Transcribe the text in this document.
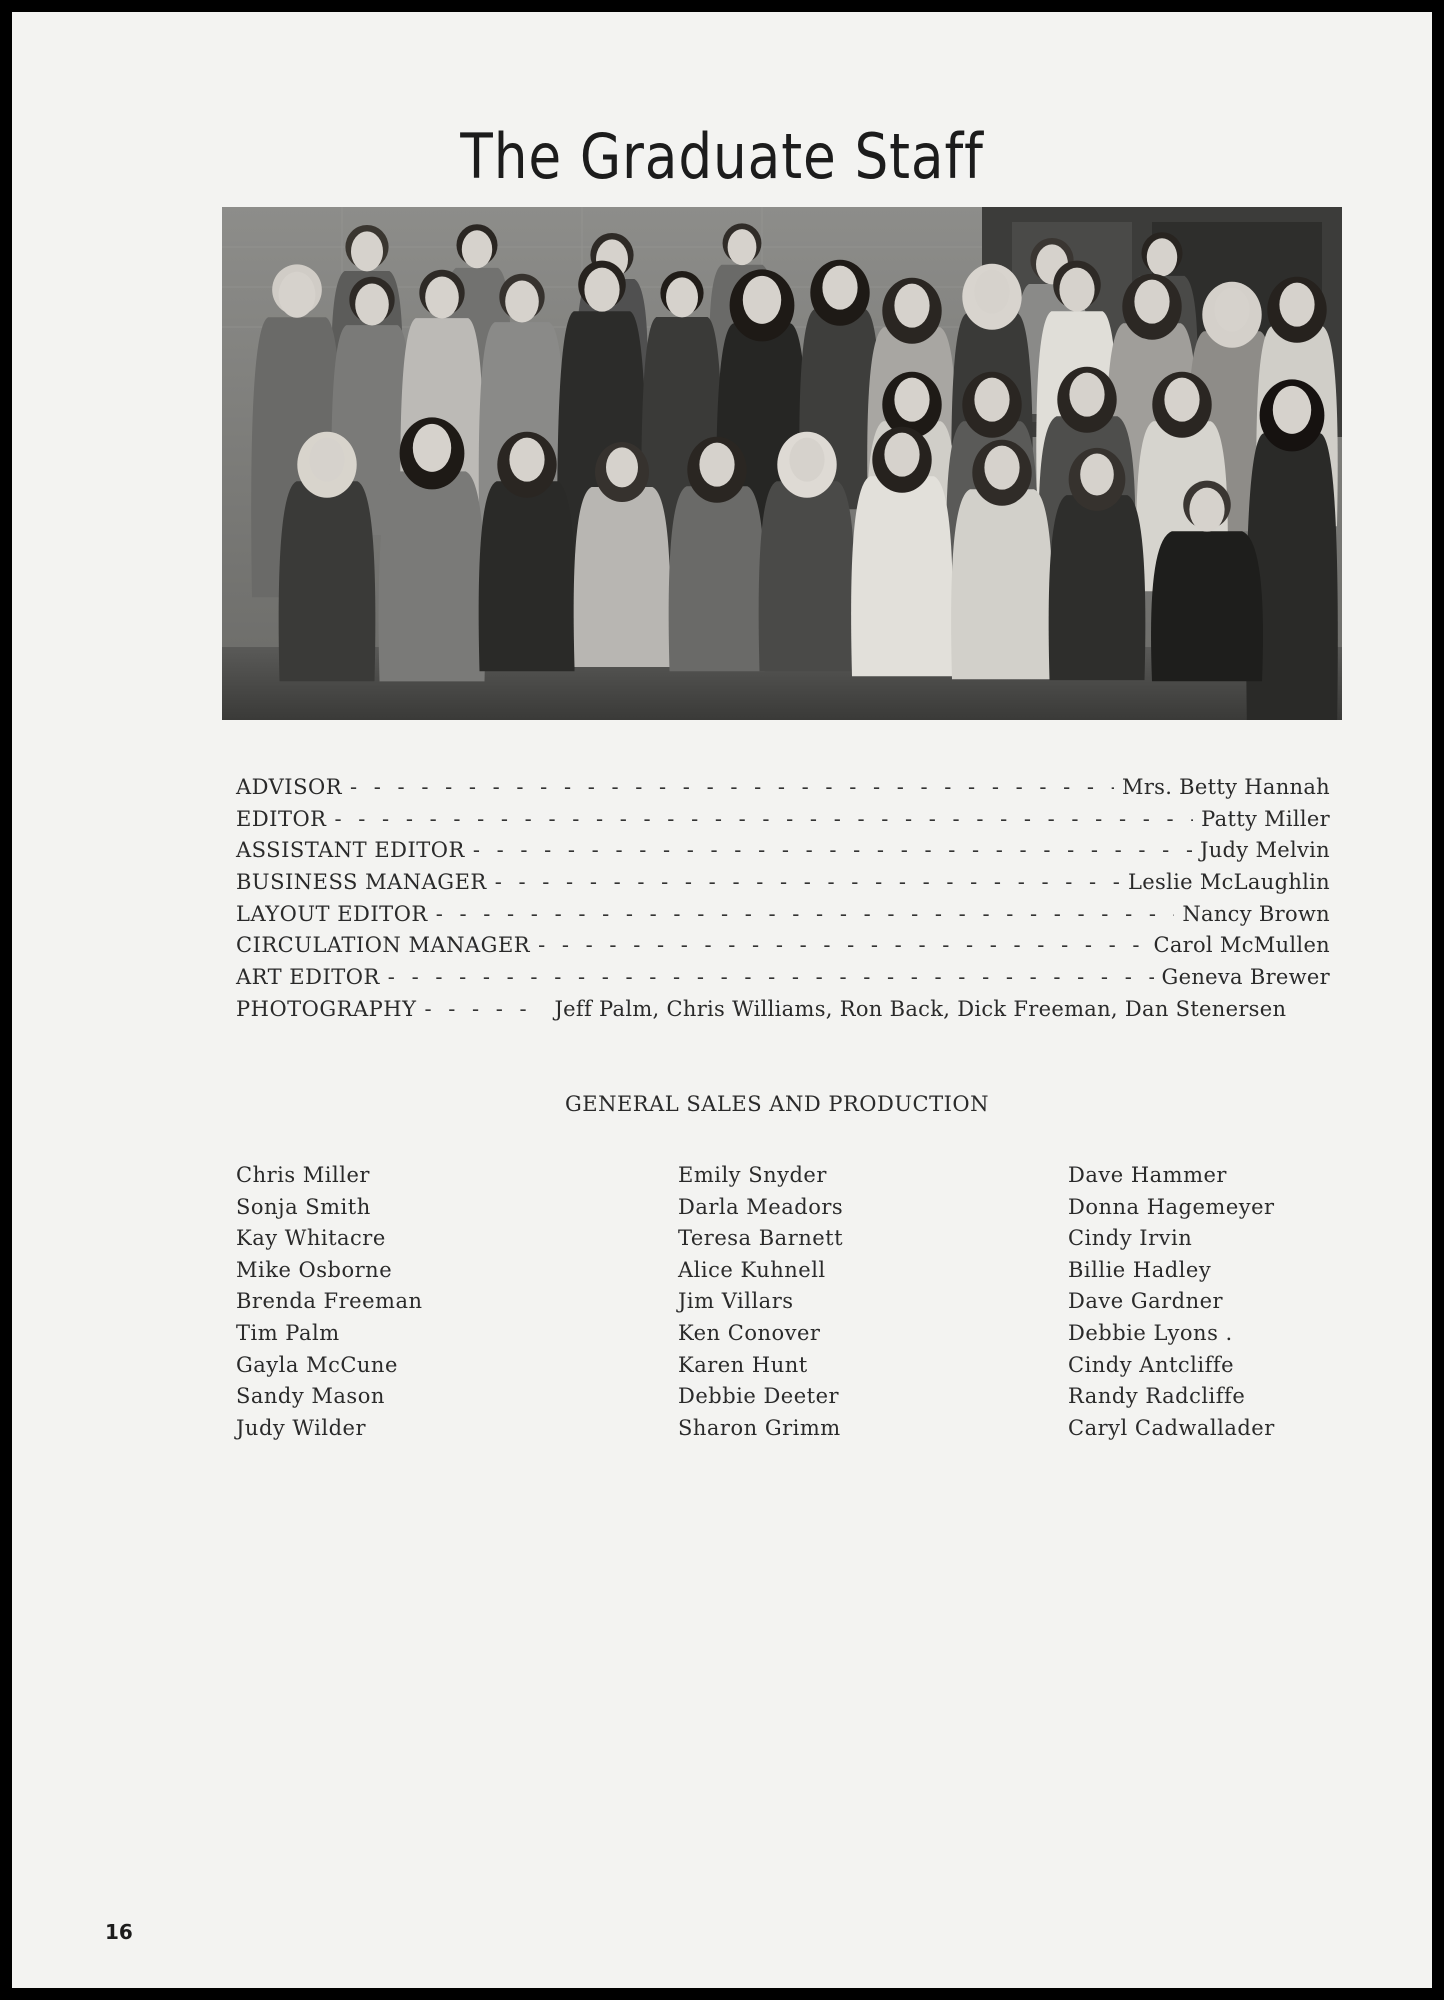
The Graduate Staff
ADVISOR - - -	Mrs. Betty Hannah
EDITOR - - -	Patty Miller
ASSISTANT EDITOR - - -	Judy Melvin
BUSINESS MANAGER - - -	Leslie McLaughlin
LAYOUT EDITOR - - -	Nancy Brown
CIRCULATION MANAGER - - -	Carol McMullen
ART EDITOR - - -	Geneva Brewer
PHOTOGRAPHY - - -	Jeff Palm, Chris Williams, Ron Back, Dick Freeman, Dan Stenersen
GENERAL SALES AND PRODUCTION
Chris Miller
Sonja Smith
Kay Whitacre
Mike Osborne
Brenda Freeman
Tim Palm
Gayla McCune
Sandy Mason
Judy Wilder
Emily Snyder
Darla Meadors
Teresa Barnett
Alice Kuhnell
Jim Villars
Ken Conover
Karen Hunt
Debbie Deeter
Sharon Grimm
Dave Hammer
Donna Hagemeyer
Cindy Irvin
Billie Hadley
Dave Gardner
Debbie Lyons .
Cindy Antcliffe
Randy Radcliffe
Caryl Cadwallader
16
